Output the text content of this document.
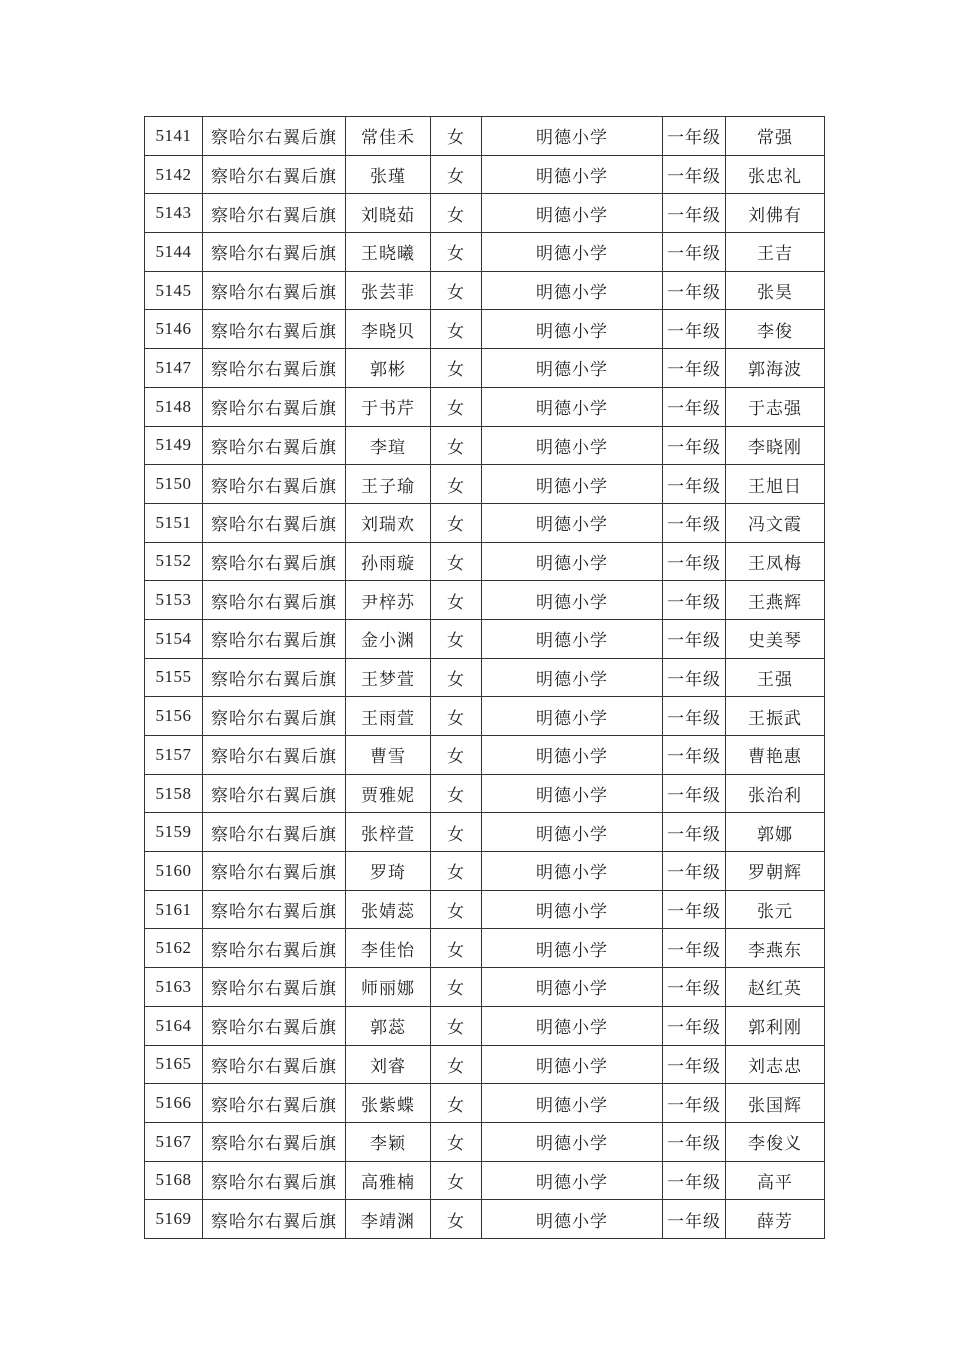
5141	察哈尔右翼后旗	常佳禾	女	明德小学	一年级	常强
5142	察哈尔右翼后旗	张瑾	女	明德小学	一年级	张忠礼
5143	察哈尔右翼后旗	刘晓茹	女	明德小学	一年级	刘佛有
5144	察哈尔右翼后旗	王晓曦	女	明德小学	一年级	王吉
5145	察哈尔右翼后旗	张芸菲	女	明德小学	一年级	张昊
5146	察哈尔右翼后旗	李晓贝	女	明德小学	一年级	李俊
5147	察哈尔右翼后旗	郭彬	女	明德小学	一年级	郭海波
5148	察哈尔右翼后旗	于书芹	女	明德小学	一年级	于志强
5149	察哈尔右翼后旗	李瑄	女	明德小学	一年级	李晓刚
5150	察哈尔右翼后旗	王子瑜	女	明德小学	一年级	王旭日
5151	察哈尔右翼后旗	刘瑞欢	女	明德小学	一年级	冯文霞
5152	察哈尔右翼后旗	孙雨璇	女	明德小学	一年级	王凤梅
5153	察哈尔右翼后旗	尹梓苏	女	明德小学	一年级	王燕辉
5154	察哈尔右翼后旗	金小渊	女	明德小学	一年级	史美琴
5155	察哈尔右翼后旗	王梦萱	女	明德小学	一年级	王强
5156	察哈尔右翼后旗	王雨萱	女	明德小学	一年级	王振武
5157	察哈尔右翼后旗	曹雪	女	明德小学	一年级	曹艳惠
5158	察哈尔右翼后旗	贾雅妮	女	明德小学	一年级	张治利
5159	察哈尔右翼后旗	张梓萱	女	明德小学	一年级	郭娜
5160	察哈尔右翼后旗	罗琦	女	明德小学	一年级	罗朝辉
5161	察哈尔右翼后旗	张婧蕊	女	明德小学	一年级	张元
5162	察哈尔右翼后旗	李佳怡	女	明德小学	一年级	李燕东
5163	察哈尔右翼后旗	师丽娜	女	明德小学	一年级	赵红英
5164	察哈尔右翼后旗	郭蕊	女	明德小学	一年级	郭利刚
5165	察哈尔右翼后旗	刘睿	女	明德小学	一年级	刘志忠
5166	察哈尔右翼后旗	张紫蝶	女	明德小学	一年级	张国辉
5167	察哈尔右翼后旗	李颖	女	明德小学	一年级	李俊义
5168	察哈尔右翼后旗	高雅楠	女	明德小学	一年级	高平
5169	察哈尔右翼后旗	李靖渊	女	明德小学	一年级	薛芳
